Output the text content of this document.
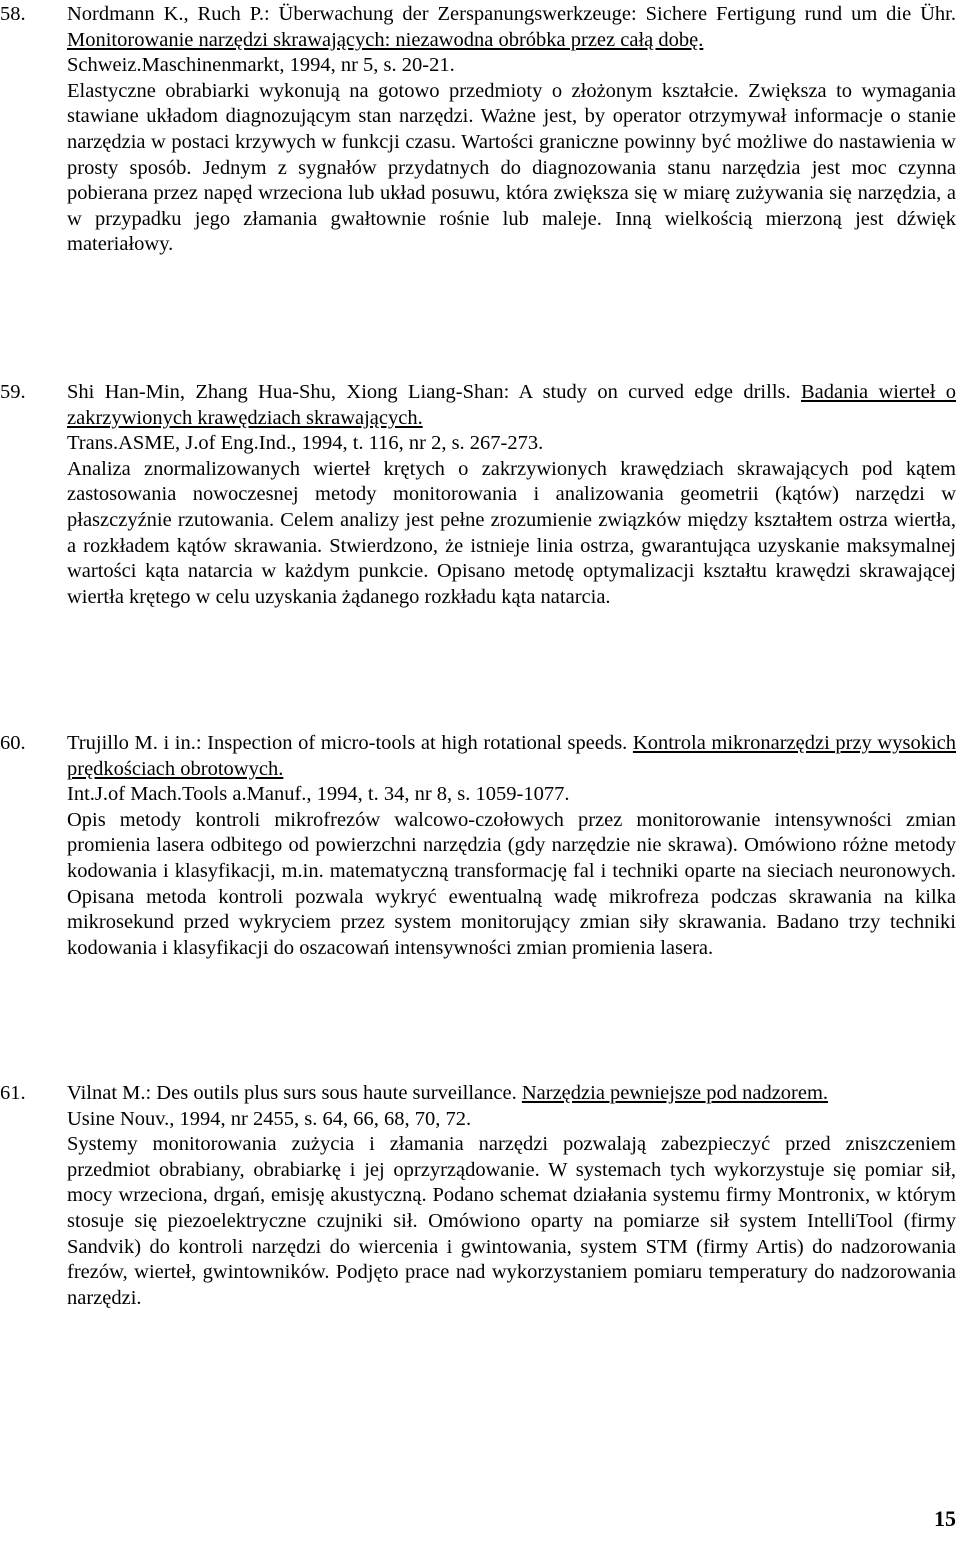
58.	Nordmann K., Ruch P.: Überwachung der Zerspanungswerkzeuge: Sichere Fertigung rund um die Ühr. Monitorowanie narzędzi skrawających: niezawodna obróbka przez całą dobę.

Schweiz.Maschinenmarkt, 1994, nr 5, s. 20-21.

Elastyczne obrabiarki wykonują na gotowo przedmioty o złożonym kształcie. Zwiększa to wymagania stawiane układom diagnozującym stan narzędzi. Ważne jest, by operator otrzymywał informacje o stanie narzędzia w postaci krzywych w funkcji czasu. Wartości graniczne powinny być możliwe do nastawienia w prosty sposób. Jednym z sygnałów przydatnych do diagnozowania stanu narzędzia jest moc czynna pobierana przez napęd wrzeciona lub układ posuwu, która zwiększa się w miarę zużywania się narzędzia, a w przypadku jego złamania gwałtownie rośnie lub maleje. Inną wielkością mierzoną jest dźwięk materiałowy.

59.	Shi Han-Min, Zhang Hua-Shu, Xiong Liang-Shan: A study on curved edge drills. Badania wierteł o zakrzywionych krawędziach skrawających.

Trans.ASME, J.of Eng.Ind., 1994, t. 116, nr 2, s. 267-273.

Analiza znormalizowanych wierteł krętych o zakrzywionych krawędziach skrawających pod kątem zastosowania nowoczesnej metody monitorowania i analizowania geometrii (kątów) narzędzi w płaszczyźnie rzutowania. Celem analizy jest pełne zrozumienie związków między kształtem ostrza wiertła, a rozkładem kątów skrawania. Stwierdzono, że istnieje linia ostrza, gwarantująca uzyskanie maksymalnej wartości kąta natarcia w każdym punkcie. Opisano metodę optymalizacji kształtu krawędzi skrawającej wiertła krętego w celu uzyskania żądanego rozkładu kąta natarcia.

60.	Trujillo M. i in.: Inspection of micro-tools at high rotational speeds. Kontrola mikronarzędzi przy wysokich prędkościach obrotowych.

Int.J.of Mach.Tools a.Manuf., 1994, t. 34, nr 8, s. 1059-1077.

Opis metody kontroli mikrofrezów walcowo-czołowych przez monitorowanie intensywności zmian promienia lasera odbitego od powierzchni narzędzia (gdy narzędzie nie skrawa). Omówiono różne metody kodowania i klasyfikacji, m.in. matematyczną transformację fal i techniki oparte na sieciach neuronowych. Opisana metoda kontroli pozwala wykryć ewentualną wadę mikrofreza podczas skrawania na kilka mikrosekund przed wykryciem przez system monitorujący zmian siły skrawania. Badano trzy techniki kodowania i klasyfikacji do oszacowań intensywności zmian promienia lasera.

61.	Vilnat M.: Des outils plus surs sous haute surveillance. Narzędzia pewniejsze pod nadzorem.

Usine Nouv., 1994, nr 2455, s. 64, 66, 68, 70, 72.

Systemy monitorowania zużycia i złamania narzędzi pozwalają zabezpieczyć przed zniszczeniem przedmiot obrabiany, obrabiarkę i jej oprzyrządowanie. W systemach tych wykorzystuje się pomiar sił, mocy wrzeciona, drgań, emisję akustyczną. Podano schemat działania systemu firmy Montronix, w którym stosuje się piezoelektryczne czujniki sił. Omówiono oparty na pomiarze sił system IntelliTool (firmy Sandvik) do kontroli narzędzi do wiercenia i gwintowania, system STM (firmy Artis) do nadzorowania frezów, wierteł, gwintowników. Podjęto prace nad wykorzystaniem pomiaru temperatury do nadzorowania narzędzi.

15
